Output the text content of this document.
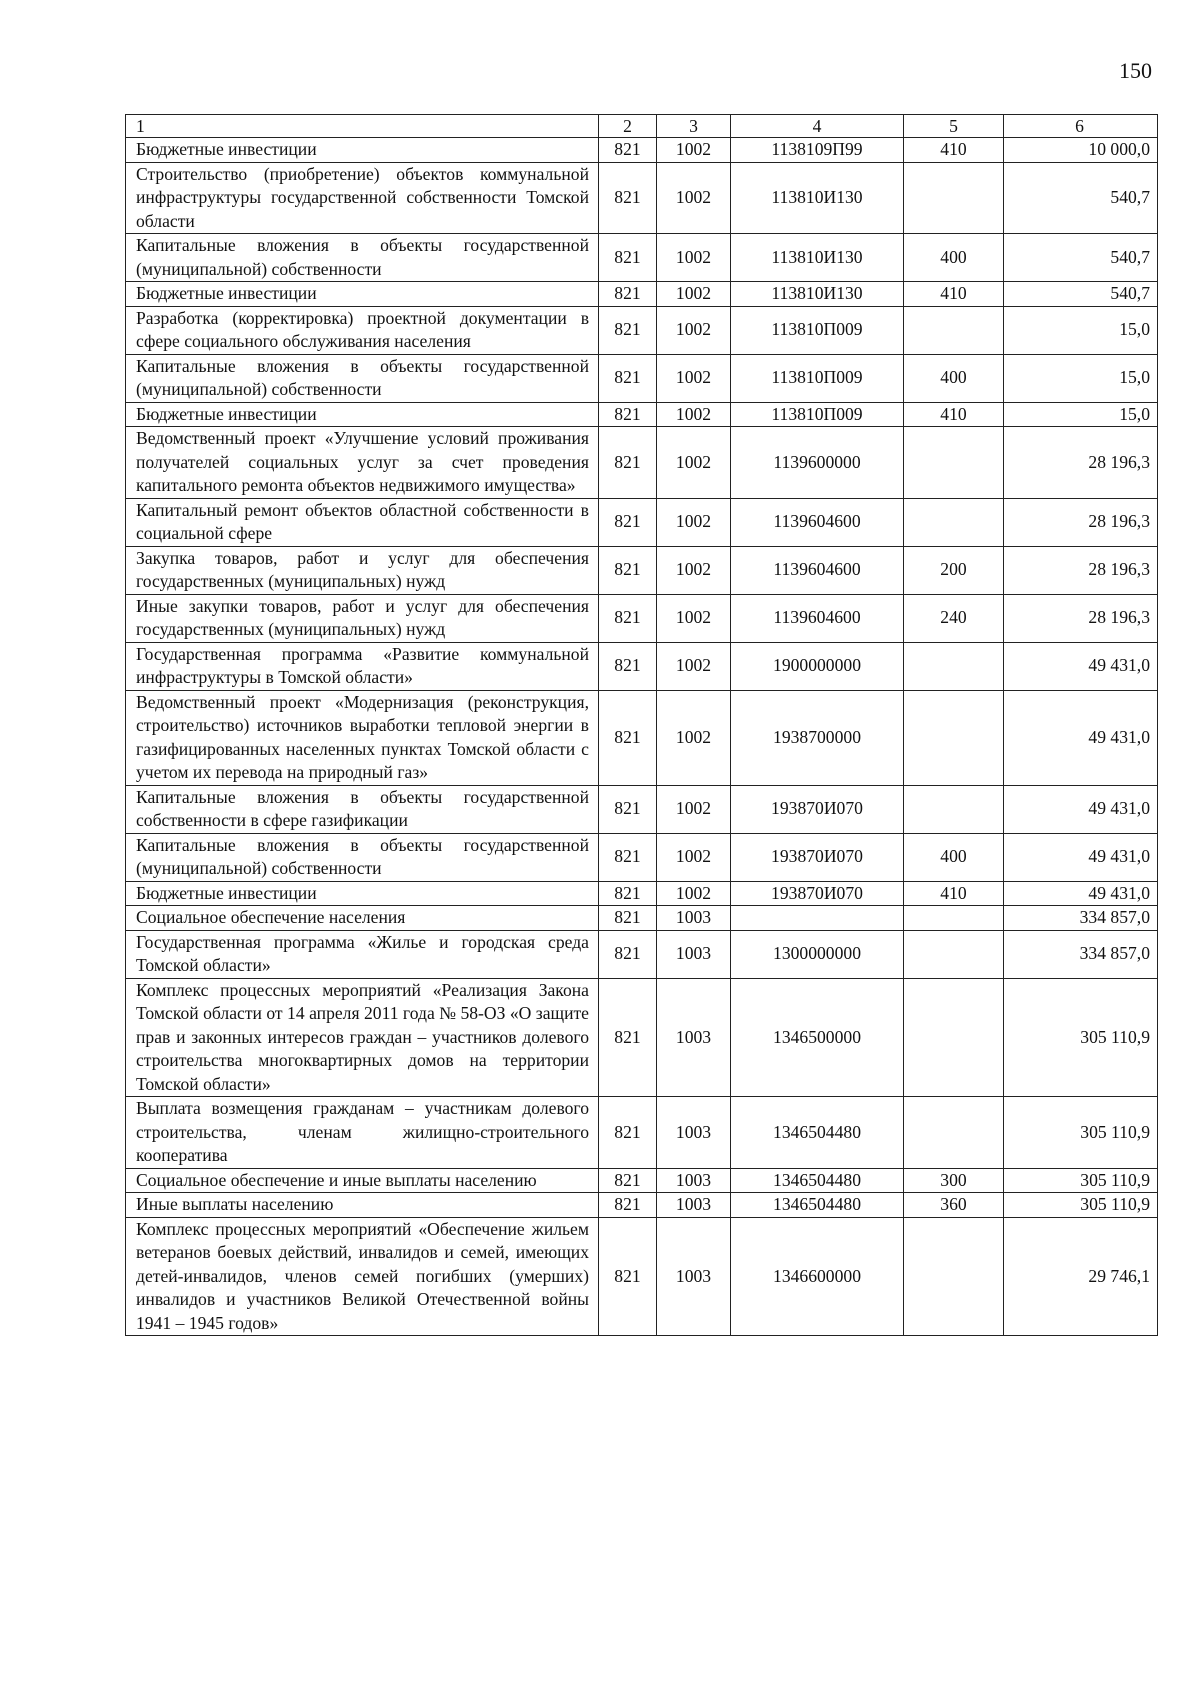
150
1	2	3	4	5	6
Бюджетные инвестиции	821	1002	1138109П99	410	10 000,0
Строительство (приобретение) объектов коммунальной инфраструктуры государственной собственности Томской области	821	1002	113810И130		540,7
Капитальные вложения в объекты государственной (муниципальной) собственности	821	1002	113810И130	400	540,7
Бюджетные инвестиции	821	1002	113810И130	410	540,7
Разработка (корректировка) проектной документации в сфере социального обслуживания населения	821	1002	113810П009		15,0
Капитальные вложения в объекты государственной (муниципальной) собственности	821	1002	113810П009	400	15,0
Бюджетные инвестиции	821	1002	113810П009	410	15,0
Ведомственный проект «Улучшение условий проживания получателей социальных услуг за счет проведения капитального ремонта объектов недвижимого имущества»	821	1002	1139600000		28 196,3
Капитальный ремонт объектов областной собственности в социальной сфере	821	1002	1139604600		28 196,3
Закупка товаров, работ и услуг для обеспечения государственных (муниципальных) нужд	821	1002	1139604600	200	28 196,3
Иные закупки товаров, работ и услуг для обеспечения государственных (муниципальных) нужд	821	1002	1139604600	240	28 196,3
Государственная программа «Развитие коммунальной инфраструктуры в Томской области»	821	1002	1900000000		49 431,0
Ведомственный проект «Модернизация (реконструкция, строительство) источников выработки тепловой энергии в газифицированных населенных пунктах Томской области с учетом их перевода на природный газ»	821	1002	1938700000		49 431,0
Капитальные вложения в объекты государственной собственности в сфере газификации	821	1002	193870И070		49 431,0
Капитальные вложения в объекты государственной (муниципальной) собственности	821	1002	193870И070	400	49 431,0
Бюджетные инвестиции	821	1002	193870И070	410	49 431,0
Социальное обеспечение населения	821	1003			334 857,0
Государственная программа «Жилье и городская среда Томской области»	821	1003	1300000000		334 857,0
Комплекс процессных мероприятий «Реализация Закона Томской области от 14 апреля 2011 года № 58-ОЗ «О защите прав и законных интересов граждан – участников долевого строительства многоквартирных домов на территории Томской области»	821	1003	1346500000		305 110,9
Выплата возмещения гражданам – участникам долевого строительства, членам жилищно-строительного кооператива	821	1003	1346504480		305 110,9
Социальное обеспечение и иные выплаты населению	821	1003	1346504480	300	305 110,9
Иные выплаты населению	821	1003	1346504480	360	305 110,9
Комплекс процессных мероприятий «Обеспечение жильем ветеранов боевых действий, инвалидов и семей, имеющих детей-инвалидов, членов семей погибших (умерших) инвалидов и участников Великой Отечественной войны 1941 – 1945 годов»	821	1003	1346600000		29 746,1
